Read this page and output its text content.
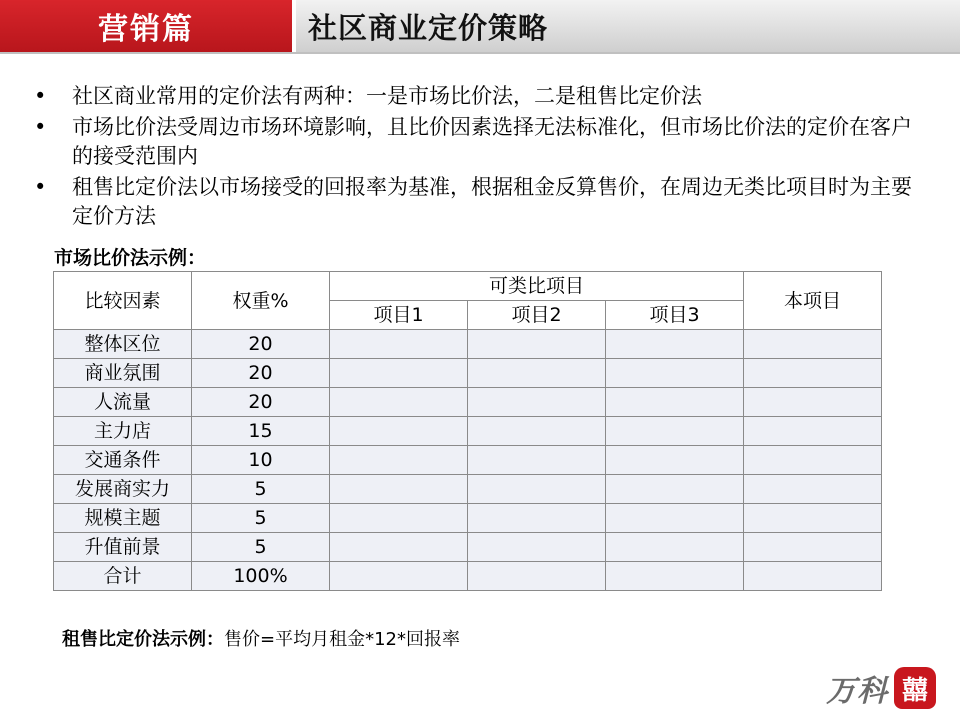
营销篇	社区商业定价策略
•	社区商业常用的定价法有两种：一是市场比价法，二是租售比定价法
•	市场比价法受周边市场环境影响，且比价因素选择无法标准化，但市场比价法的定价在客户的接受范围内
•	租售比定价法以市场接受的回报率为基准，根据租金反算售价，在周边无类比项目时为主要定价方法
市场比价法示例：
比较因素	权重%	可类比项目			本项目
		项目1	项目2	项目3	
整体区位	20				
商业氛围	20				
人流量	20				
主力店	15				
交通条件	10				
发展商实力	5				
规模主题	5				
升值前景	5				
合计	100%				
租售比定价法示例：售价=平均月租金*12*回报率
万科 囍
